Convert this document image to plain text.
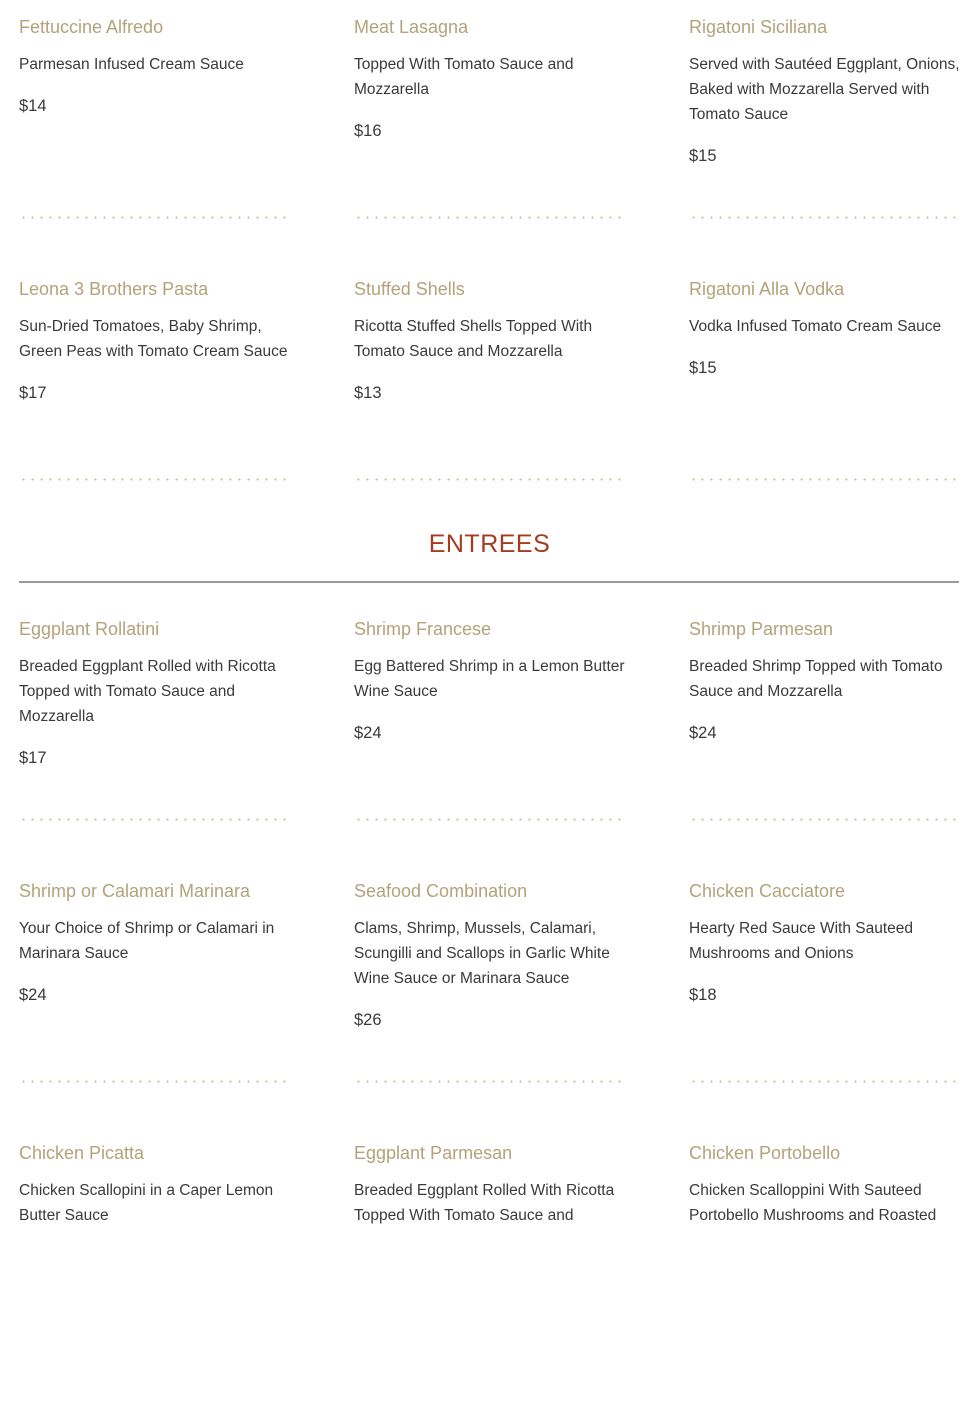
Fettuccine Alfredo
Parmesan Infused Cream Sauce
$14
Meat Lasagna
Topped With Tomato Sauce and Mozzarella
$16
Rigatoni Siciliana
Served with Sautéed Eggplant, Onions, Baked with Mozzarella Served with Tomato Sauce
$15
Leona 3 Brothers Pasta
Sun-Dried Tomatoes, Baby Shrimp, Green Peas with Tomato Cream Sauce
$17
Stuffed Shells
Ricotta Stuffed Shells Topped With Tomato Sauce and Mozzarella
$13
Rigatoni Alla Vodka
Vodka Infused Tomato Cream Sauce
$15
ENTREES
Eggplant Rollatini
Breaded Eggplant Rolled with Ricotta Topped with Tomato Sauce and Mozzarella
$17
Shrimp Francese
Egg Battered Shrimp in a Lemon Butter Wine Sauce
$24
Shrimp Parmesan
Breaded Shrimp Topped with Tomato Sauce and Mozzarella
$24
Shrimp or Calamari Marinara
Your Choice of Shrimp or Calamari in Marinara Sauce
$24
Seafood Combination
Clams, Shrimp, Mussels, Calamari, Scungilli and Scallops in Garlic White Wine Sauce or Marinara Sauce
$26
Chicken Cacciatore
Hearty Red Sauce With Sauteed Mushrooms and Onions
$18
Chicken Picatta
Chicken Scallopini in a Caper Lemon Butter Sauce
Eggplant Parmesan
Breaded Eggplant Rolled With Ricotta Topped With Tomato Sauce and
Chicken Portobello
Chicken Scalloppini With Sauteed Portobello Mushrooms and Roasted
